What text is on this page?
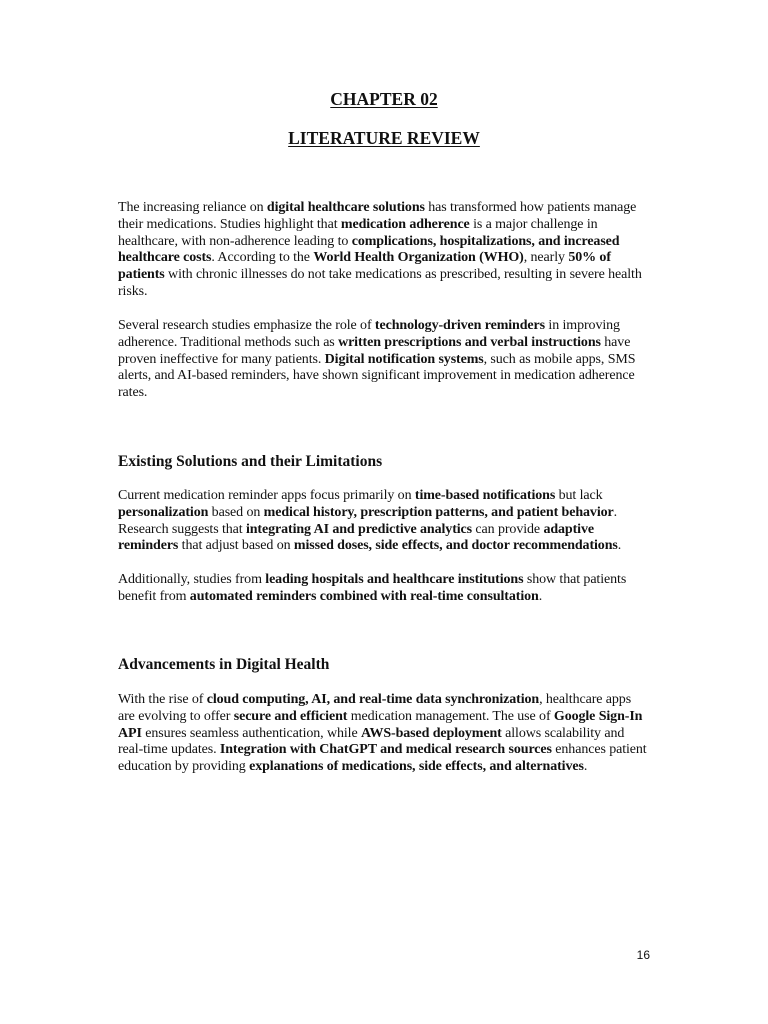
CHAPTER 02
LITERATURE REVIEW

The increasing reliance on digital healthcare solutions has transformed how patients manage their medications. Studies highlight that medication adherence is a major challenge in healthcare, with non-adherence leading to complications, hospitalizations, and increased healthcare costs. According to the World Health Organization (WHO), nearly 50% of patients with chronic illnesses do not take medications as prescribed, resulting in severe health risks.

Several research studies emphasize the role of technology-driven reminders in improving adherence. Traditional methods such as written prescriptions and verbal instructions have proven ineffective for many patients. Digital notification systems, such as mobile apps, SMS alerts, and AI-based reminders, have shown significant improvement in medication adherence rates.

Existing Solutions and their Limitations

Current medication reminder apps focus primarily on time-based notifications but lack personalization based on medical history, prescription patterns, and patient behavior. Research suggests that integrating AI and predictive analytics can provide adaptive reminders that adjust based on missed doses, side effects, and doctor recommendations.

Additionally, studies from leading hospitals and healthcare institutions show that patients benefit from automated reminders combined with real-time consultation.

Advancements in Digital Health

With the rise of cloud computing, AI, and real-time data synchronization, healthcare apps are evolving to offer secure and efficient medication management. The use of Google Sign-In API ensures seamless authentication, while AWS-based deployment allows scalability and real-time updates. Integration with ChatGPT and medical research sources enhances patient education by providing explanations of medications, side effects, and alternatives.

16
